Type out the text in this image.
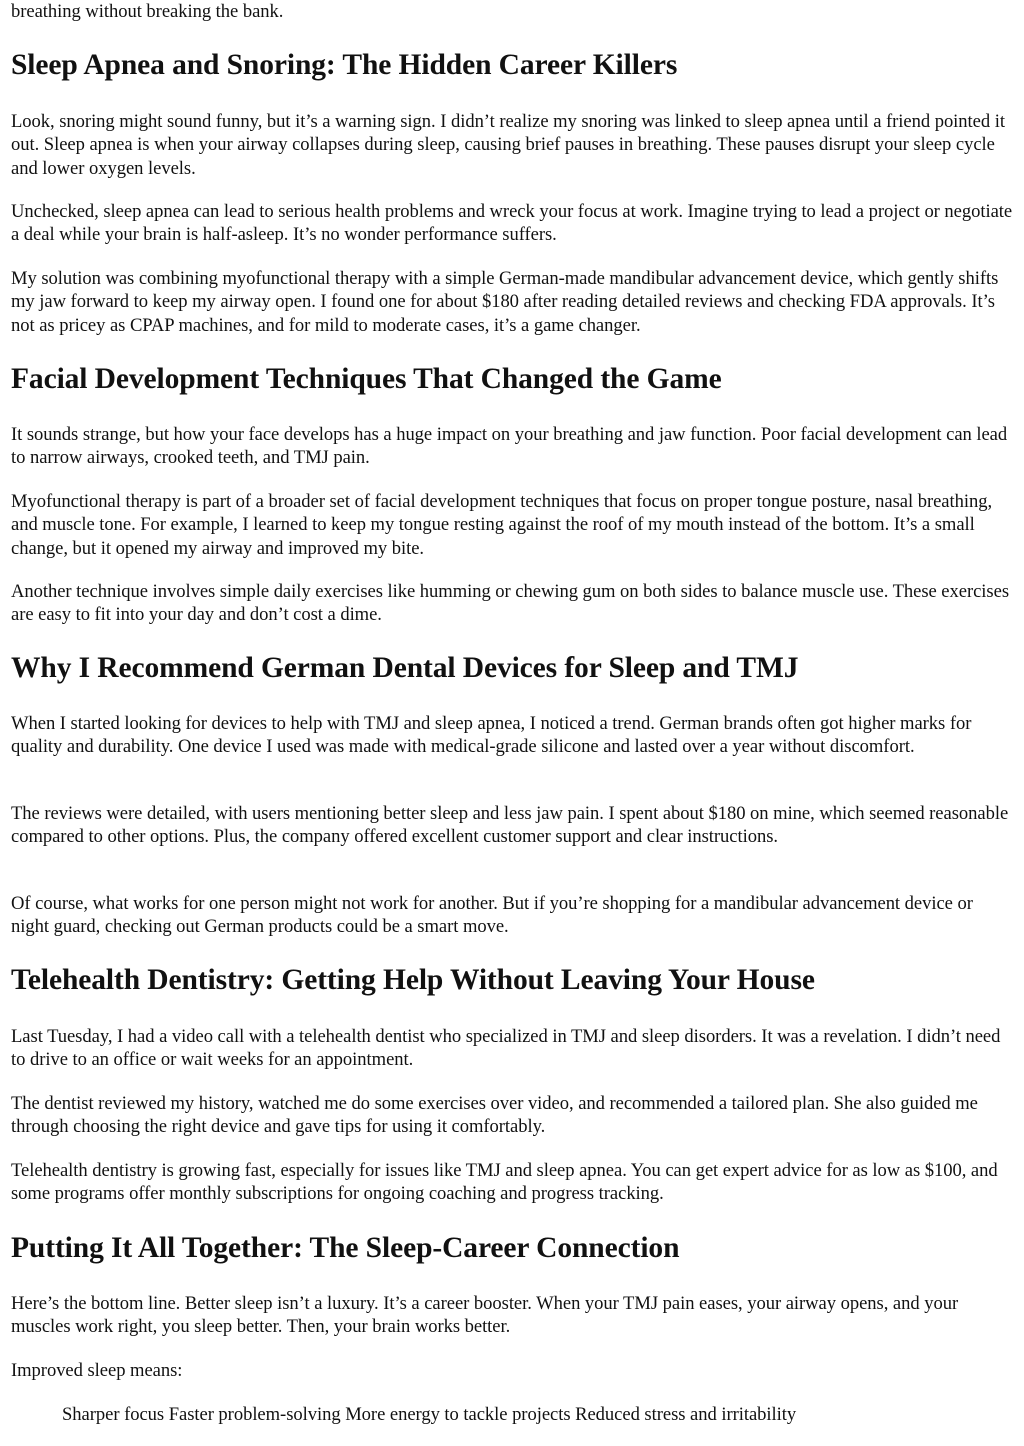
breathing without breaking the bank.

Sleep Apnea and Snoring: The Hidden Career Killers

Look, snoring might sound funny, but it’s a warning sign. I didn’t realize my snoring was linked to sleep apnea until a friend pointed it out. Sleep apnea is when your airway collapses during sleep, causing brief pauses in breathing. These pauses disrupt your sleep cycle and lower oxygen levels.

Unchecked, sleep apnea can lead to serious health problems and wreck your focus at work. Imagine trying to lead a project or negotiate a deal while your brain is half-asleep. It’s no wonder performance suffers.

My solution was combining myofunctional therapy with a simple German-made mandibular advancement device, which gently shifts my jaw forward to keep my airway open. I found one for about $180 after reading detailed reviews and checking FDA approvals. It’s not as pricey as CPAP machines, and for mild to moderate cases, it’s a game changer.

Facial Development Techniques That Changed the Game

It sounds strange, but how your face develops has a huge impact on your breathing and jaw function. Poor facial development can lead to narrow airways, crooked teeth, and TMJ pain.

Myofunctional therapy is part of a broader set of facial development techniques that focus on proper tongue posture, nasal breathing, and muscle tone. For example, I learned to keep my tongue resting against the roof of my mouth instead of the bottom. It’s a small change, but it opened my airway and improved my bite.

Another technique involves simple daily exercises like humming or chewing gum on both sides to balance muscle use. These exercises are easy to fit into your day and don’t cost a dime.

Why I Recommend German Dental Devices for Sleep and TMJ

When I started looking for devices to help with TMJ and sleep apnea, I noticed a trend. German brands often got higher marks for quality and durability. One device I used was made with medical-grade silicone and lasted over a year without discomfort.

The reviews were detailed, with users mentioning better sleep and less jaw pain. I spent about $180 on mine, which seemed reasonable compared to other options. Plus, the company offered excellent customer support and clear instructions.

Of course, what works for one person might not work for another. But if you’re shopping for a mandibular advancement device or night guard, checking out German products could be a smart move.

Telehealth Dentistry: Getting Help Without Leaving Your House

Last Tuesday, I had a video call with a telehealth dentist who specialized in TMJ and sleep disorders. It was a revelation. I didn’t need to drive to an office or wait weeks for an appointment.

The dentist reviewed my history, watched me do some exercises over video, and recommended a tailored plan. She also guided me through choosing the right device and gave tips for using it comfortably.

Telehealth dentistry is growing fast, especially for issues like TMJ and sleep apnea. You can get expert advice for as low as $100, and some programs offer monthly subscriptions for ongoing coaching and progress tracking.

Putting It All Together: The Sleep-Career Connection

Here’s the bottom line. Better sleep isn’t a luxury. It’s a career booster. When your TMJ pain eases, your airway opens, and your muscles work right, you sleep better. Then, your brain works better.

Improved sleep means:

Sharper focus Faster problem-solving More energy to tackle projects Reduced stress and irritability
